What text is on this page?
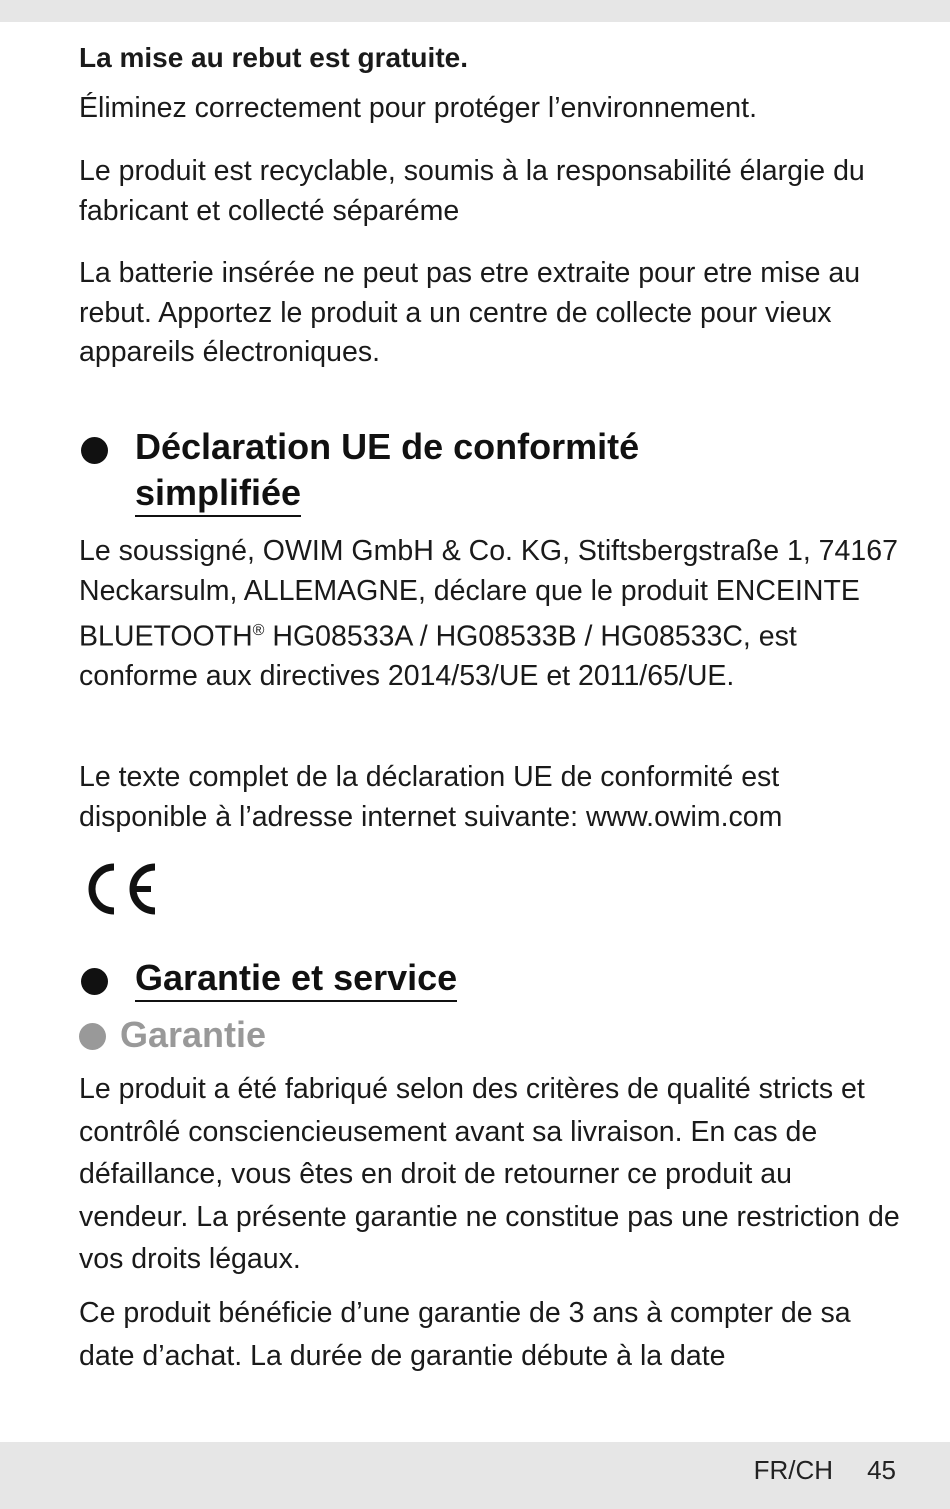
La mise au rebut est gratuite.

Éliminez correctement pour protéger l’environnement.

Le produit est recyclable, soumis à la responsabilité élargie du fabricant et collecté séparéme

La batterie insérée ne peut pas etre extraite pour etre mise au rebut. Apportez le produit a un centre de collecte pour vieux appareils électroniques.

Déclaration UE de conformité
simplifiée

Le soussigné, OWIM GmbH & Co. KG, Stiftsbergstraße 1, 74167 Neckarsulm, ALLEMAGNE, déclare que le produit ENCEINTE BLUETOOTH® HG08533A / HG08533B / HG08533C, est conforme aux directives 2014/53/UE et 2011/65/UE.

Le texte complet de la déclaration UE de conformité est disponible à l’adresse internet suivante: www.owim.com

Garantie et service
Garantie

Le produit a été fabriqué selon des critères de qualité stricts et contrôlé consciencieusement avant sa livraison. En cas de défaillance, vous êtes en droit de retourner ce produit au vendeur. La présente garantie ne constitue pas une restriction de vos droits légaux.

Ce produit bénéficie d’une garantie de 3 ans à compter de sa date d’achat. La durée de garantie débute à la date

FR/CH 45
